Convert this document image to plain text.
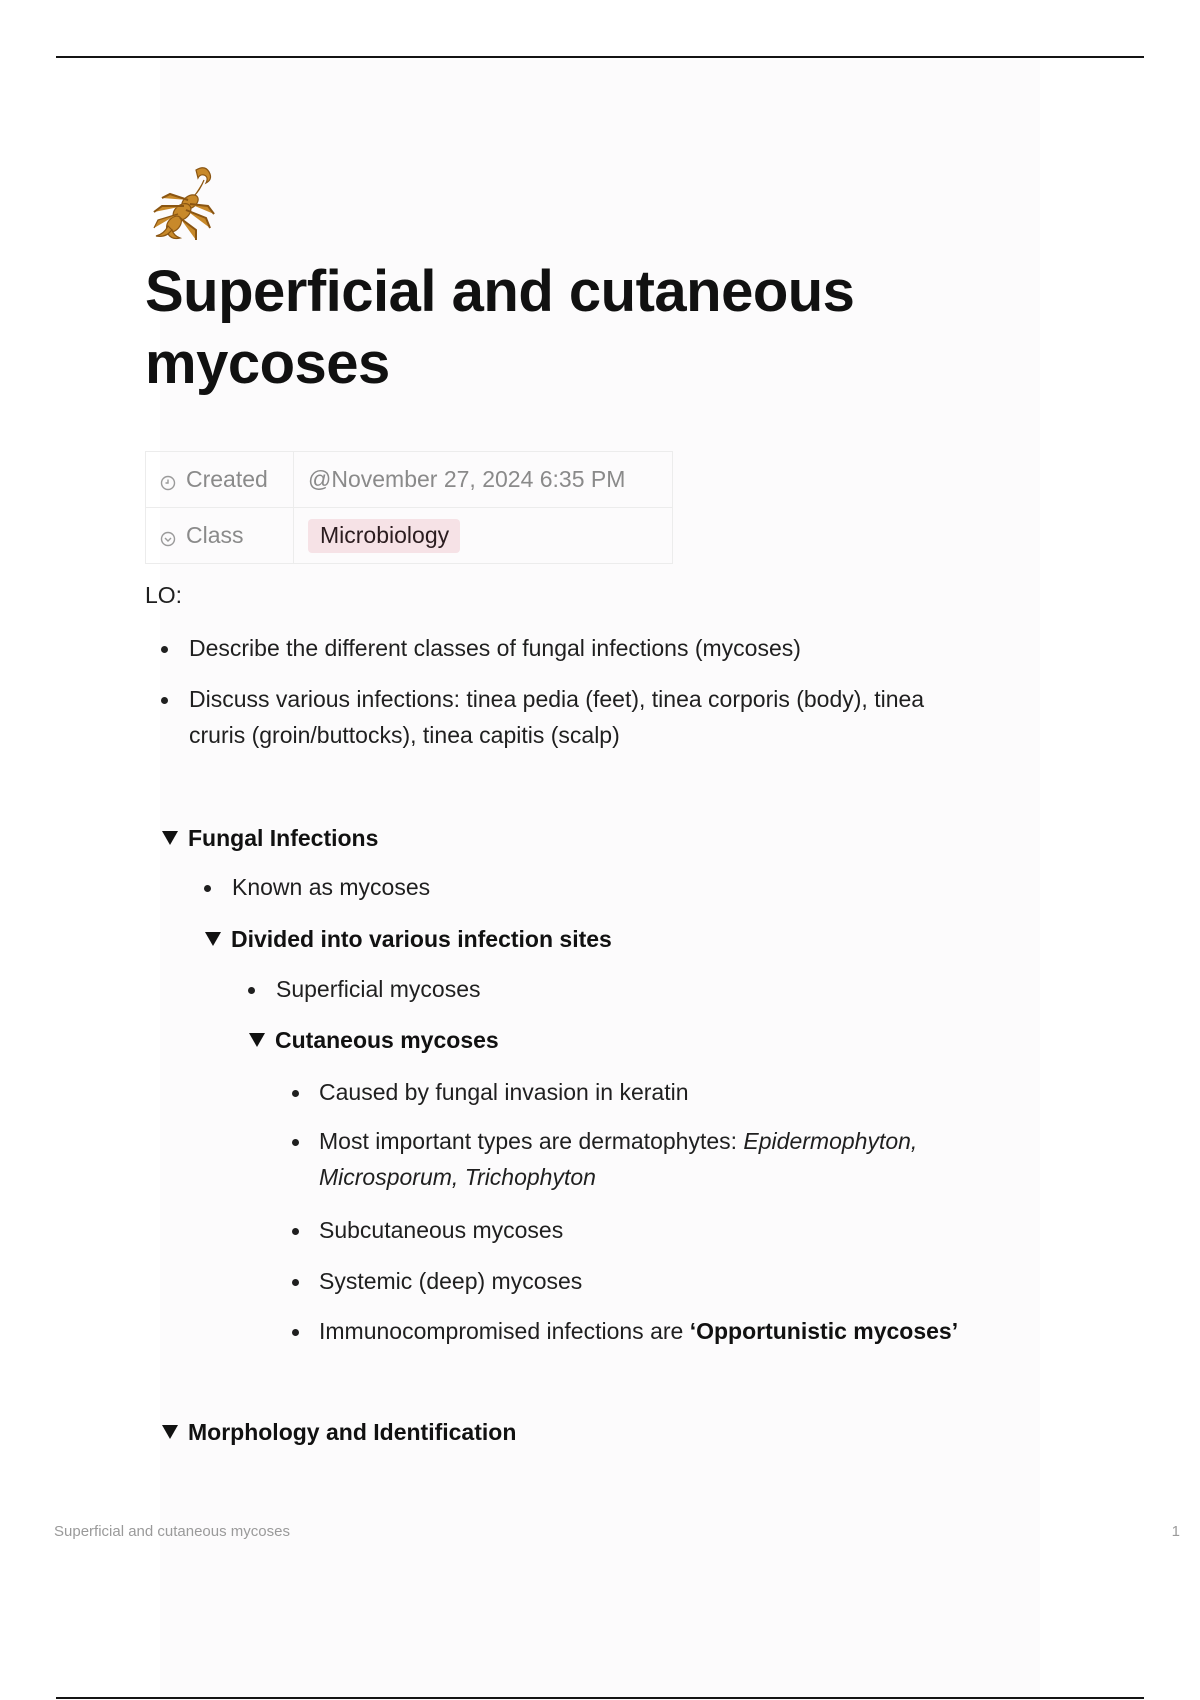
Superficial and cutaneous mycoses
Created	@November 27, 2024 6:35 PM
Class	Microbiology
LO:
Describe the different classes of fungal infections (mycoses)
Discuss various infections: tinea pedia (feet), tinea corporis (body), tinea
cruris (groin/buttocks), tinea capitis (scalp)
Fungal Infections
Known as mycoses
Divided into various infection sites
Superficial mycoses
Cutaneous mycoses
Caused by fungal invasion in keratin
Most important types are dermatophytes: Epidermophyton,
Microsporum, Trichophyton
Subcutaneous mycoses
Systemic (deep) mycoses
Immunocompromised infections are ‘Opportunistic mycoses’
Morphology and Identification
Superficial and cutaneous mycoses	1
